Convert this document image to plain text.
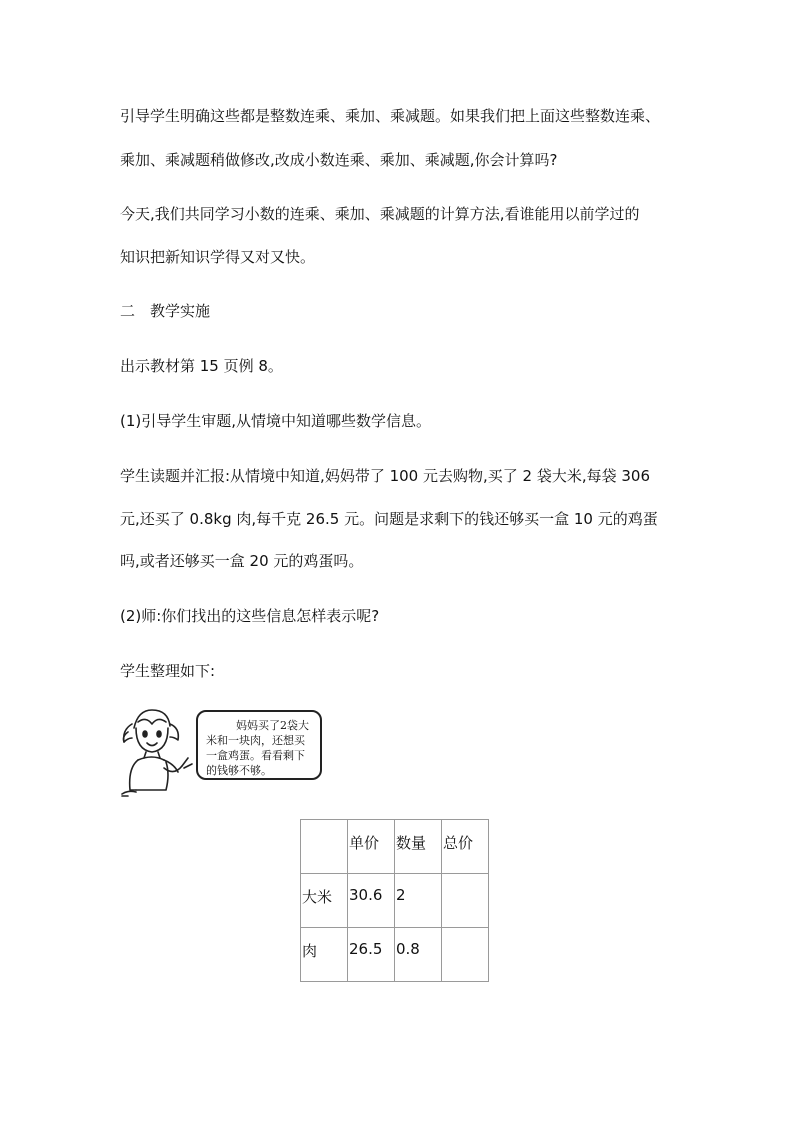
引导学生明确这些都是整数连乘、乘加、乘减题。如果我们把上面这些整数连乘、
乘加、乘减题稍做修改,改成小数连乘、乘加、乘减题,你会计算吗?
今天,我们共同学习小数的连乘、乘加、乘减题的计算方法,看谁能用以前学过的
知识把新知识学得又对又快。
二　教学实施
出示教材第 15 页例 8。
(1)引导学生审题,从情境中知道哪些数学信息。
学生读题并汇报:从情境中知道,妈妈带了 100 元去购物,买了 2 袋大米,每袋 306
元,还买了 0.8kg 肉,每千克 26.5 元。问题是求剩下的钱还够买一盒 10 元的鸡蛋
吗,或者还够买一盒 20 元的鸡蛋吗。
(2)师:你们找出的这些信息怎样表示呢?
学生整理如下:
妈妈买了2袋大米和一块肉，还想买一盒鸡蛋。看看剩下的钱够不够。
	单价	数量	总价
大米	30.6	2	
肉	26.5	0.8	
